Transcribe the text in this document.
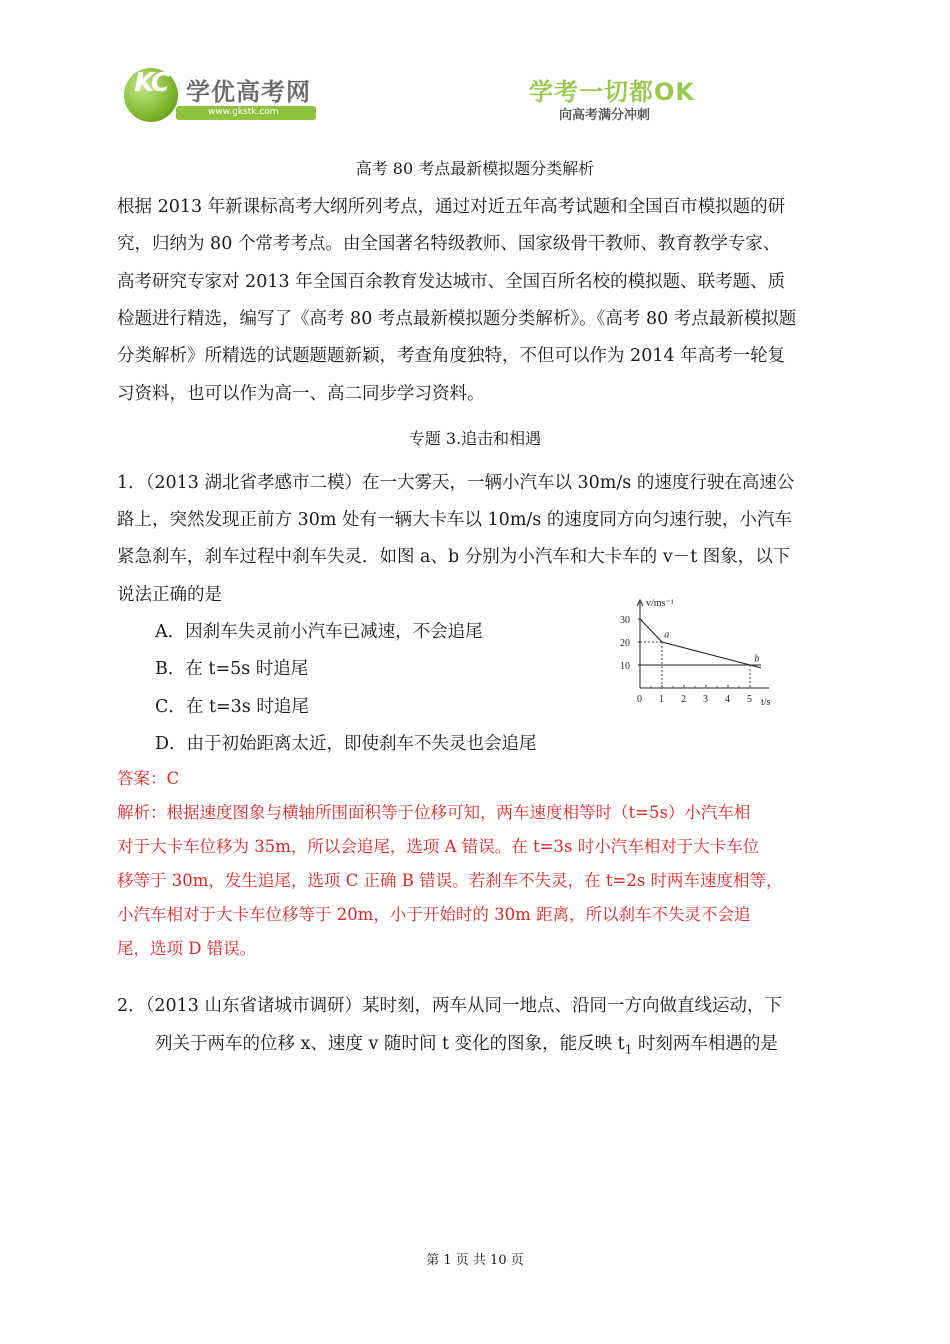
KC 学优高考网
www.gkstk.com
学考一切都OK
向高考满分冲刺
高考 80 考点最新模拟题分类解析
根据 2013 年新课标高考大纲所列考点，通过对近五年高考试题和全国百市模拟题的研
究，归纳为 80 个常考考点。由全国著名特级教师、国家级骨干教师、教育教学专家、
高考研究专家对 2013 年全国百余教育发达城市、全国百所名校的模拟题、联考题、质
检题进行精选，编写了《高考 80 考点最新模拟题分类解析》。《高考 80 考点最新模拟题
分类解析》所精选的试题题题新颖，考查角度独特，不但可以作为 2014 年高考一轮复
习资料，也可以作为高一、高二同步学习资料。
专题 3.追击和相遇
1．（2013 湖北省孝感市二模）在一大雾天，一辆小汽车以 30m/s 的速度行驶在高速公
路上，突然发现正前方 30m 处有一辆大卡车以 10m/s 的速度同方向匀速行驶，小汽车
紧急刹车，刹车过程中刹车失灵．如图 a、b 分别为小汽车和大卡车的 v－t 图象，以下
说法正确的是
A．因刹车失灵前小汽车已减速，不会追尾
B．在 t=5s 时追尾
C．在 t=3s 时追尾
D．由于初始距离太近，即使刹车不失灵也会追尾
v/ms⁻¹
t/s
0 1 2 3 4 5
30
20
10
a
b
答案：C
解析：根据速度图象与横轴所围面积等于位移可知，两车速度相等时（t=5s）小汽车相
对于大卡车位移为 35m，所以会追尾，选项 A 错误。在 t=3s 时小汽车相对于大卡车位
移等于 30m，发生追尾，选项 C 正确 B 错误。若刹车不失灵，在 t=2s 时两车速度相等，
小汽车相对于大卡车位移等于 20m，小于开始时的 30m 距离，所以刹车不失灵不会追
尾，选项 D 错误。
2．（2013 山东省诸城市调研）某时刻，两车从同一地点、沿同一方向做直线运动，下
列关于两车的位移 x、速度 v 随时间 t 变化的图象，能反映 $t_1$ 时刻两车相遇的是
第 1 页 共 10 页
